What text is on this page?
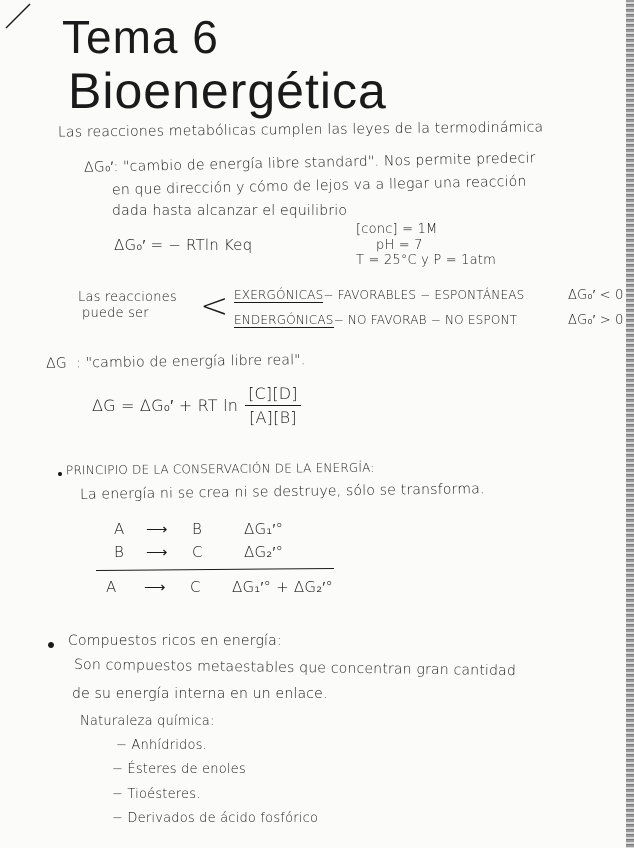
Tema 6
Bioenergética
Las reacciones metabólicas cumplen las leyes de la termodinámica
ΔG₀′: "cambio de energía libre standard". Nos permite predecir
en que dirección y cómo de lejos va a llegar una reacción
dada hasta alcanzar el equilibrio
ΔG₀′ = − RTln Keq
[conc] = 1M
pH = 7
T = 25°C y P = 1atm
Las reacciones
puede ser < EXERGÓNICAS− FAVORABLES − ESPONTÁNEAS	ΔG₀′ < 0
ENDERGÓNICAS− NO FAVORAB − NO ESPONT	ΔG₀′ > 0
ΔG : "cambio de energía libre real".
ΔG = ΔG₀′ + RT $\ln \frac{[C][D]}{[A][B]}$
PRINCIPIO DE LA CONSERVACIÓN DE LA ENERGÍA:
La energía ni se crea ni se destruye, sólo se transforma.
A ⟶ B	ΔG₁′°
B ⟶ C	ΔG₂′°
A ⟶ C ΔG₁′° + ΔG₂′°
Compuestos ricos en energía:
Son compuestos metaestables que concentran gran cantidad
de su energía interna en un enlace.
Naturaleza química:
− Anhídridos.
− Ésteres de enoles
− Tioésteres.
− Derivados de ácido fosfórico
